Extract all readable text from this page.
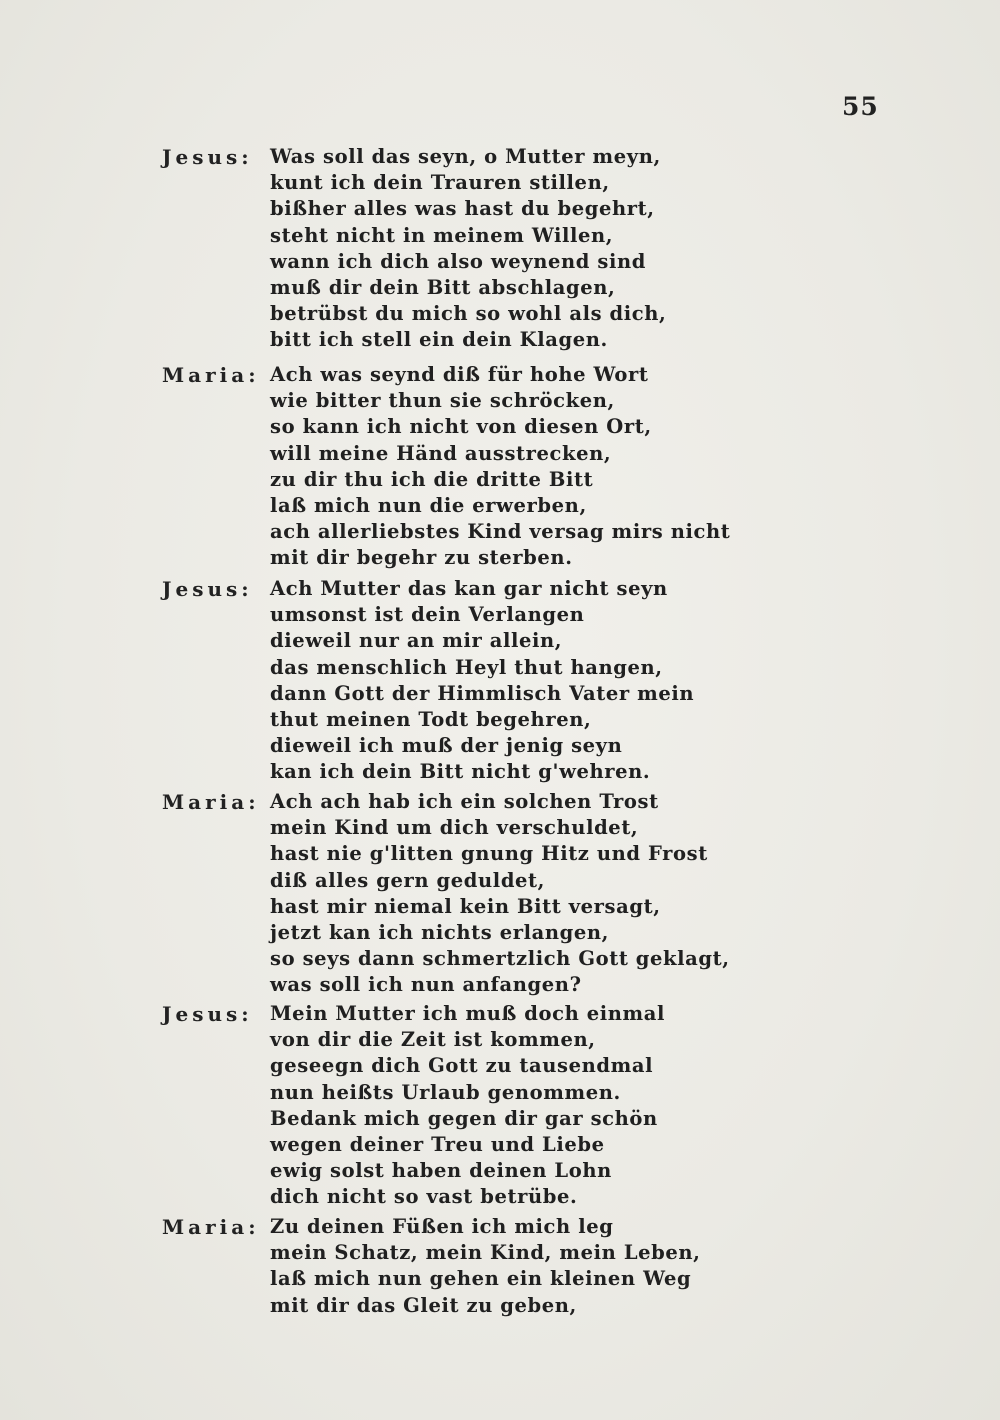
55
Jesus: Was soll das seyn, o Mutter meyn,
kunt ich dein Trauren stillen,
bißher alles was hast du begehrt,
steht nicht in meinem Willen,
wann ich dich also weynend sind
muß dir dein Bitt abschlagen,
betrübst du mich so wohl als dich,
bitt ich stell ein dein Klagen.
Maria: Ach was seynd diß für hohe Wort
wie bitter thun sie schröcken,
so kann ich nicht von diesen Ort,
will meine Händ ausstrecken,
zu dir thu ich die dritte Bitt
laß mich nun die erwerben,
ach allerliebstes Kind versag mirs nicht
mit dir begehr zu sterben.
Jesus: Ach Mutter das kan gar nicht seyn
umsonst ist dein Verlangen
dieweil nur an mir allein,
das menschlich Heyl thut hangen,
dann Gott der Himmlisch Vater mein
thut meinen Todt begehren,
dieweil ich muß der jenig seyn
kan ich dein Bitt nicht g'wehren.
Maria: Ach ach hab ich ein solchen Trost
mein Kind um dich verschuldet,
hast nie g'litten gnung Hitz und Frost
diß alles gern geduldet,
hast mir niemal kein Bitt versagt,
jetzt kan ich nichts erlangen,
so seys dann schmertzlich Gott geklagt,
was soll ich nun anfangen?
Jesus: Mein Mutter ich muß doch einmal
von dir die Zeit ist kommen,
geseegn dich Gott zu tausendmal
nun heißts Urlaub genommen.
Bedank mich gegen dir gar schön
wegen deiner Treu und Liebe
ewig solst haben deinen Lohn
dich nicht so vast betrübe.
Maria: Zu deinen Füßen ich mich leg
mein Schatz, mein Kind, mein Leben,
laß mich nun gehen ein kleinen Weg
mit dir das Gleit zu geben,
